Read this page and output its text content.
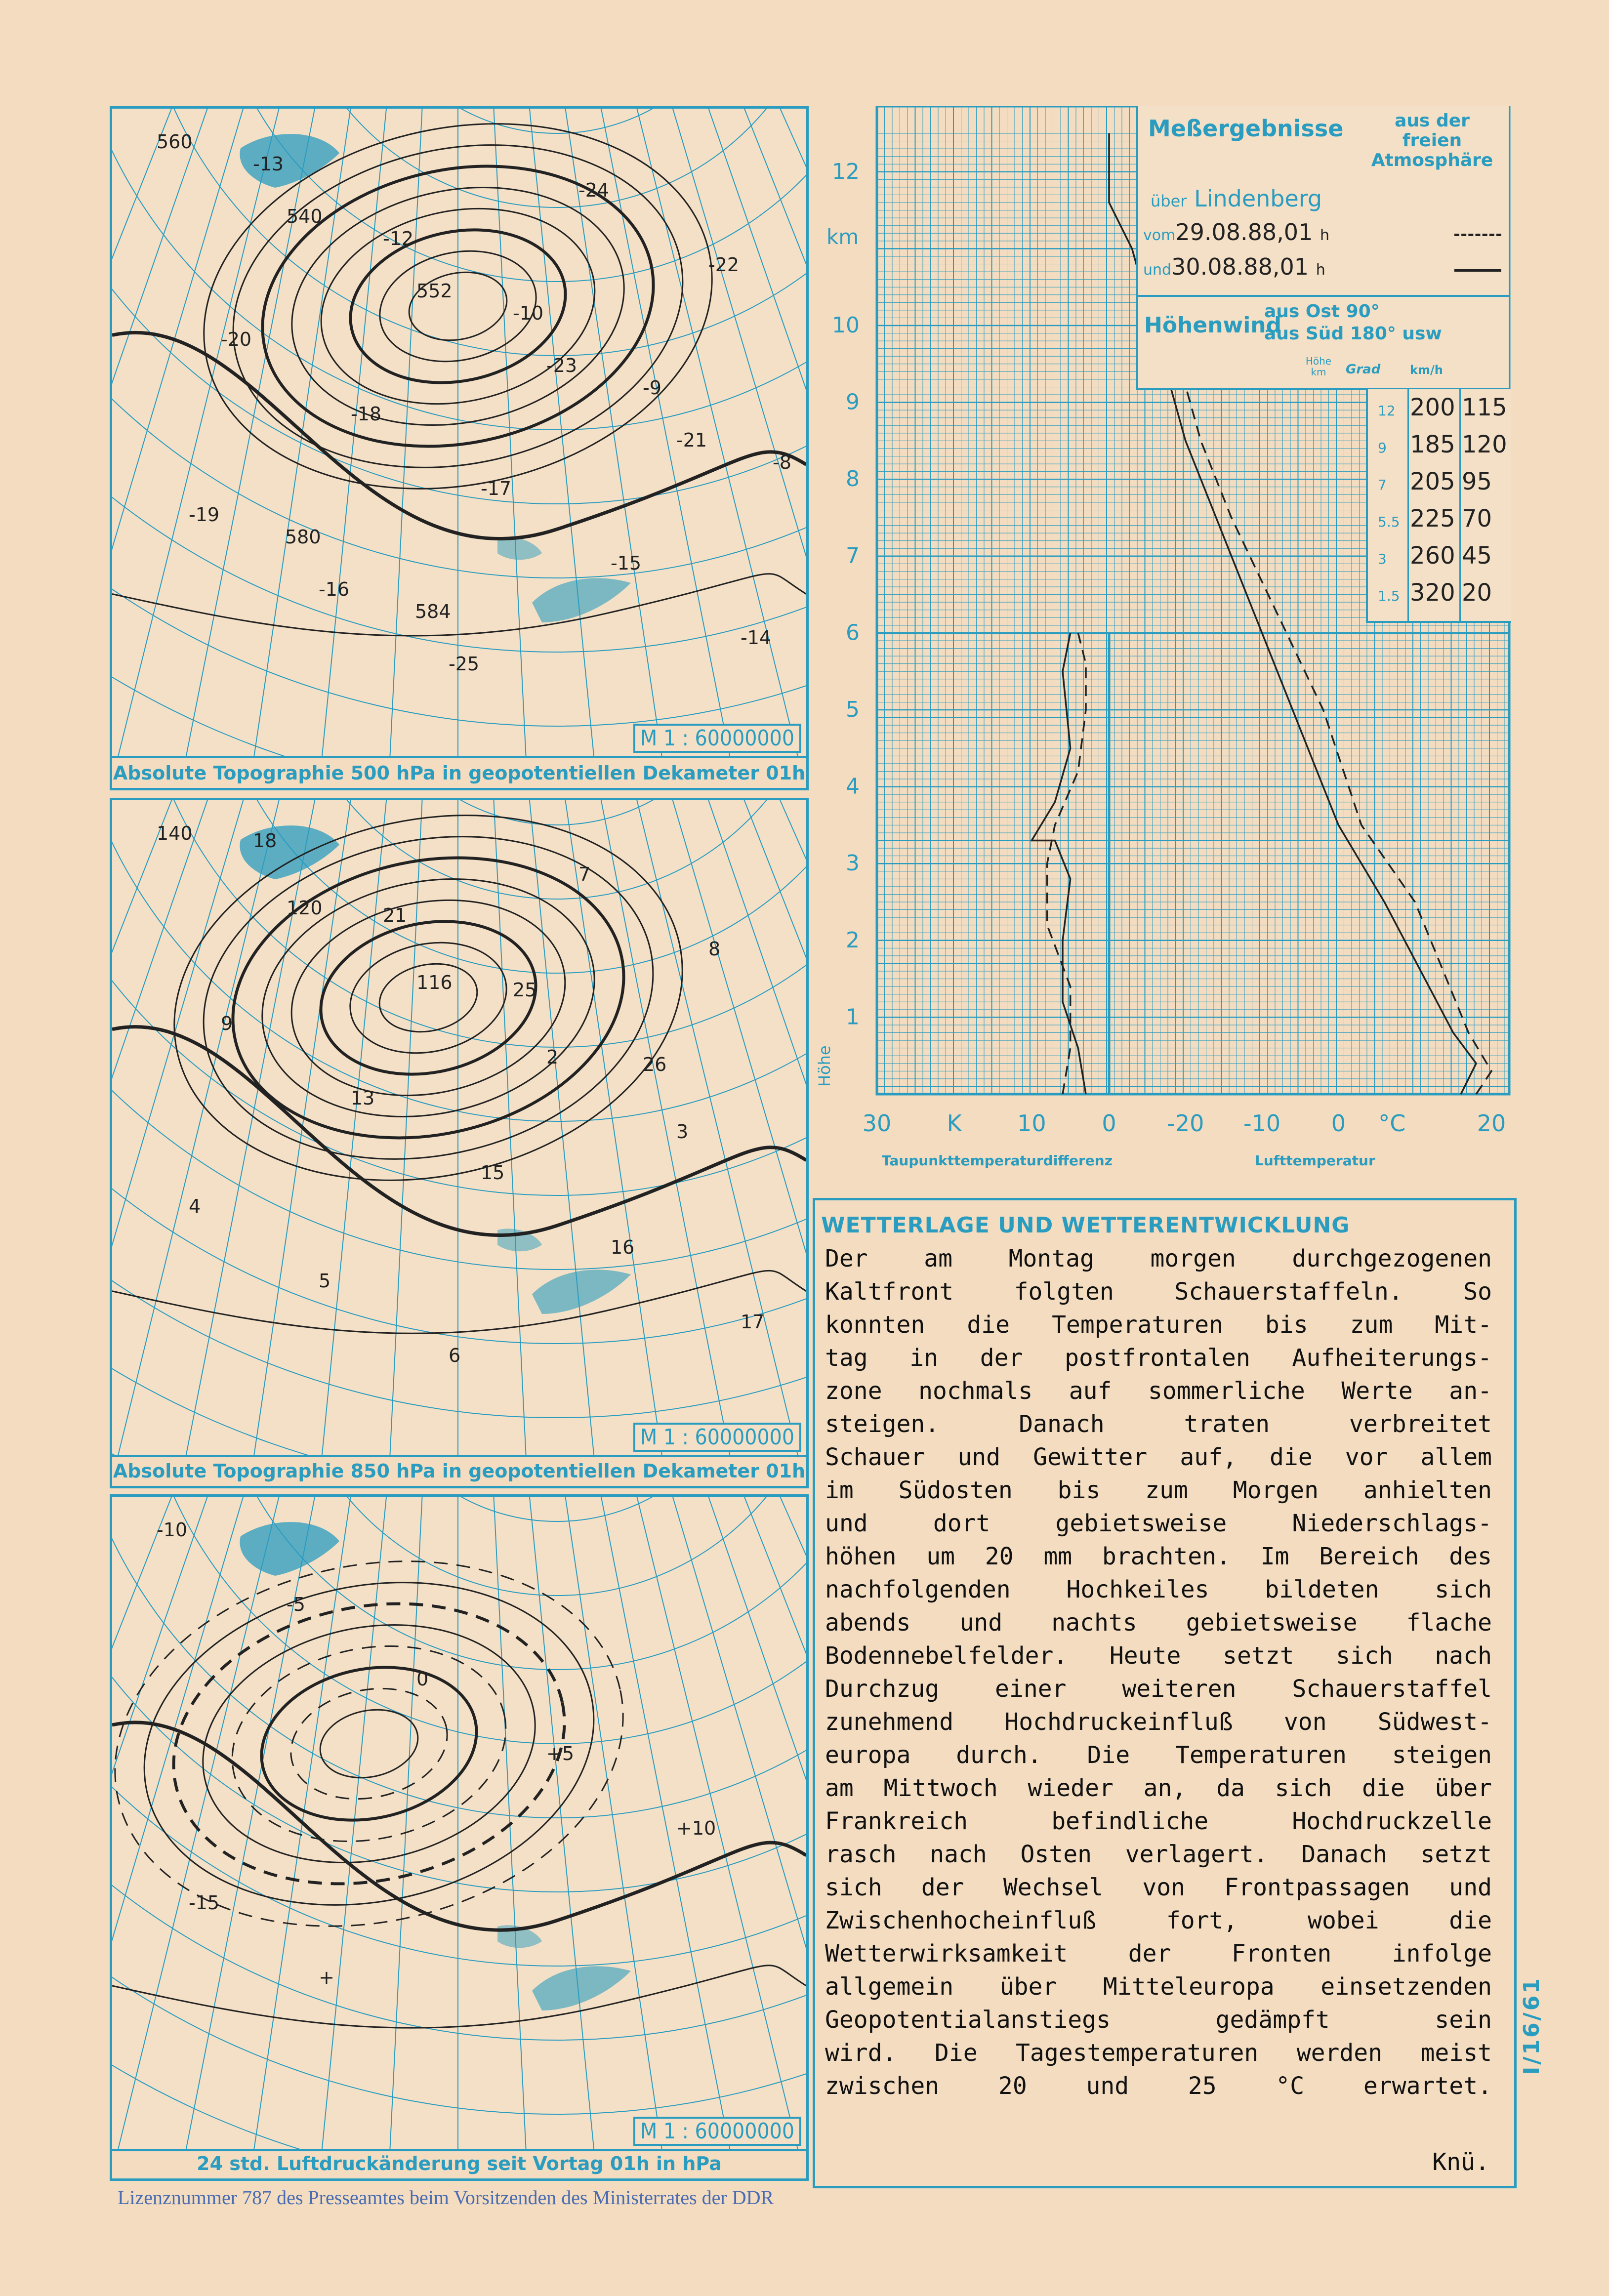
560
540
552
-23
-21
-19
-16
-25
-24
-22
-20
-18
-17
-15
-14
-13
-12
-10
-9
-8
580
584
M 1 : 60000000
Absolute Topographie 500 hPa in geopotentiellen Dekameter 01h
140
120
116
2
3
4
5
6
7
8
9
13
15
16
17
18
21
25
26
M 1 : 60000000
Absolute Topographie 850 hPa in geopotentiellen Dekameter 01h
-10
-5
0
+5
+10
-15
+
M 1 : 60000000
24 std. Luftdruckänderung seit Vortag 01h in hPa
1
2
3
4
5
6
7
8
9
10
12
30 K 10 0 -20 -10 0 °C	20
Meßergebnisse	aus der freien Atmosphäre
über Lindenberg
vom29.08.88,01 h
und30.08.88,01 h
Höhenwind
aus Ost 90°
aus Süd 180° usw
Höhe km	Grad km/h
12 200 115
9 185 120
7 205 95
5.5 225 70
3 260 45
1.5 320 20
km
Höhe
Taupunkttemperaturdifferenz	Lufttemperatur
WETTERLAGE UND WETTERENTWICKLUNG
Der am Montag morgen durchgezogenen
Kaltfront folgten Schauerstaffeln. So
konnten die Temperaturen bis zum Mit-
tag in der postfrontalen Aufheiterungs-
zone nochmals auf sommerliche Werte an-
steigen. Danach traten verbreitet
Schauer und Gewitter auf, die vor allem
im Südosten bis zum Morgen anhielten
und dort gebietsweise Niederschlags-
höhen um 20 mm brachten. Im Bereich des
nachfolgenden Hochkeiles bildeten sich
abends und nachts gebietsweise flache
Bodennebelfelder. Heute setzt sich nach
Durchzug einer weiteren Schauerstaffel
zunehmend Hochdruckeinfluß von Südwest-
europa durch. Die Temperaturen steigen
am Mittwoch wieder an, da sich die über
Frankreich befindliche Hochdruckzelle
rasch nach Osten verlagert. Danach setzt
sich der Wechsel von Frontpassagen und
Zwischenhocheinfluß fort, wobei die
Wetterwirksamkeit der Fronten infolge
allgemein über Mitteleuropa einsetzenden
Geopotentialanstiegs gedämpft sein
wird. Die Tagestemperaturen werden meist
zwischen 20 und 25 °C erwartet.
Knü.
Lizenznummer 787 des Presseamtes beim Vorsitzenden des Ministerrates der DDR
I/16/61
